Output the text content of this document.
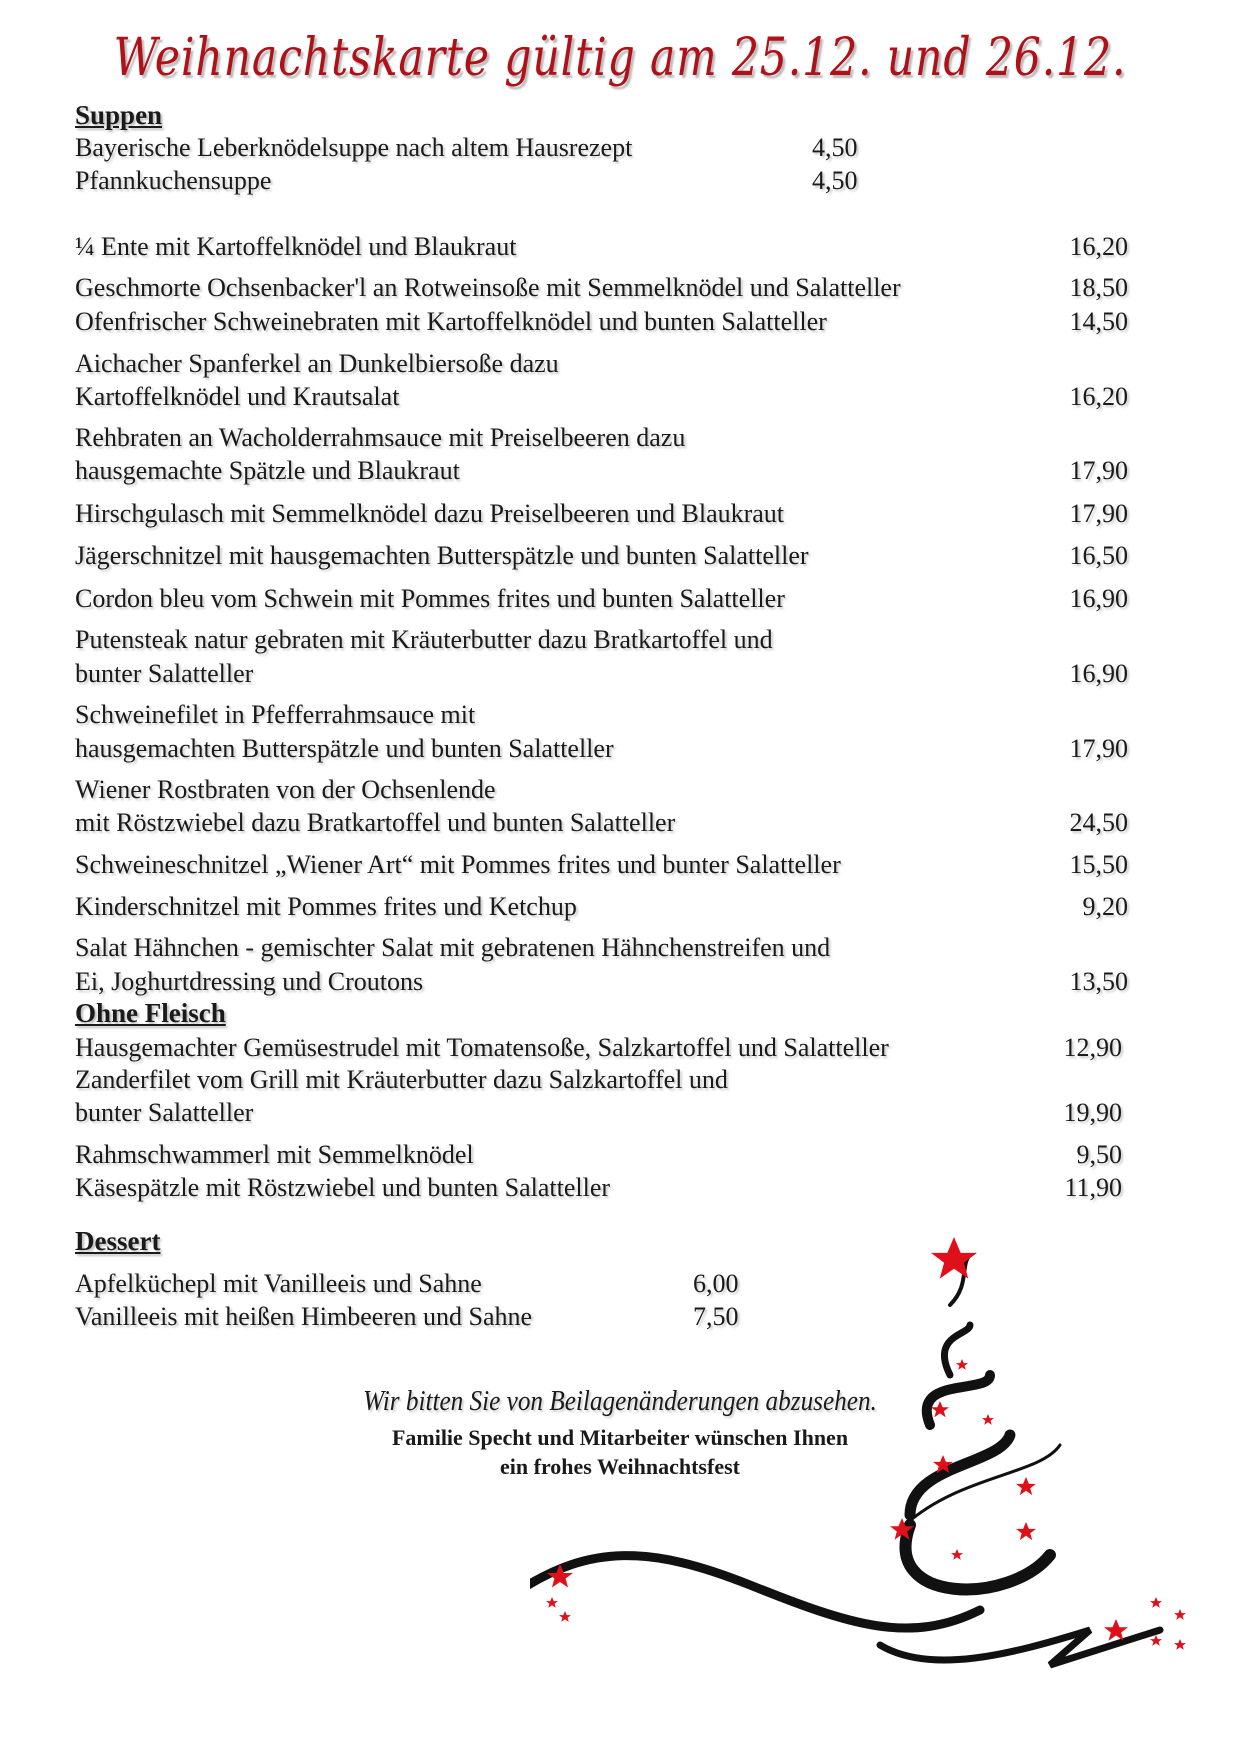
Weihnachtskarte gültig am 25.12. und 26.12.
Suppen
Bayerische Leberknödelsuppe nach altem Hausrezept	4,50
Pfannkuchensuppe	4,50
¼ Ente mit Kartoffelknödel und Blaukraut	16,20
Geschmorte Ochsenbacker'l an Rotweinsoße mit Semmelknödel und Salatteller	18,50
Ofenfrischer Schweinebraten mit Kartoffelknödel und bunten Salatteller	14,50
Aichacher Spanferkel an Dunkelbiersoße dazu
Kartoffelknödel und Krautsalat	16,20
Rehbraten an Wacholderrahmsauce mit Preiselbeeren dazu
hausgemachte Spätzle und Blaukraut	17,90
Hirschgulasch mit Semmelknödel dazu Preiselbeeren und Blaukraut	17,90
Jägerschnitzel mit hausgemachten Butterspätzle und bunten Salatteller	16,50
Cordon bleu vom Schwein mit Pommes frites und bunten Salatteller	16,90
Putensteak natur gebraten mit Kräuterbutter dazu Bratkartoffel und
bunter Salatteller	16,90
Schweinefilet in Pfefferrahmsauce mit
hausgemachten Butterspätzle und bunten Salatteller	17,90
Wiener Rostbraten von der Ochsenlende
mit Röstzwiebel dazu Bratkartoffel und bunten Salatteller	24,50
Schweineschnitzel „Wiener Art“ mit Pommes frites und bunter Salatteller	15,50
Kinderschnitzel mit Pommes frites und Ketchup	9,20
Salat Hähnchen - gemischter Salat mit gebratenen Hähnchenstreifen und
Ei, Joghurtdressing und Croutons	13,50
Ohne Fleisch
Hausgemachter Gemüsestrudel mit Tomatensoße, Salzkartoffel und Salatteller	12,90
Zanderfilet vom Grill mit Kräuterbutter dazu Salzkartoffel und
bunter Salatteller	19,90
Rahmschwammerl mit Semmelknödel	9,50
Käsespätzle mit Röstzwiebel und bunten Salatteller	11,90
Dessert
Apfelküchерl mit Vanilleeis und Sahne	6,00
Vanilleeis mit heißen Himbeeren und Sahne	7,50
Wir bitten Sie von Beilagenänderungen abzusehen.
Familie Specht und Mitarbeiter wünschen Ihnen
ein frohes Weihnachtsfest
